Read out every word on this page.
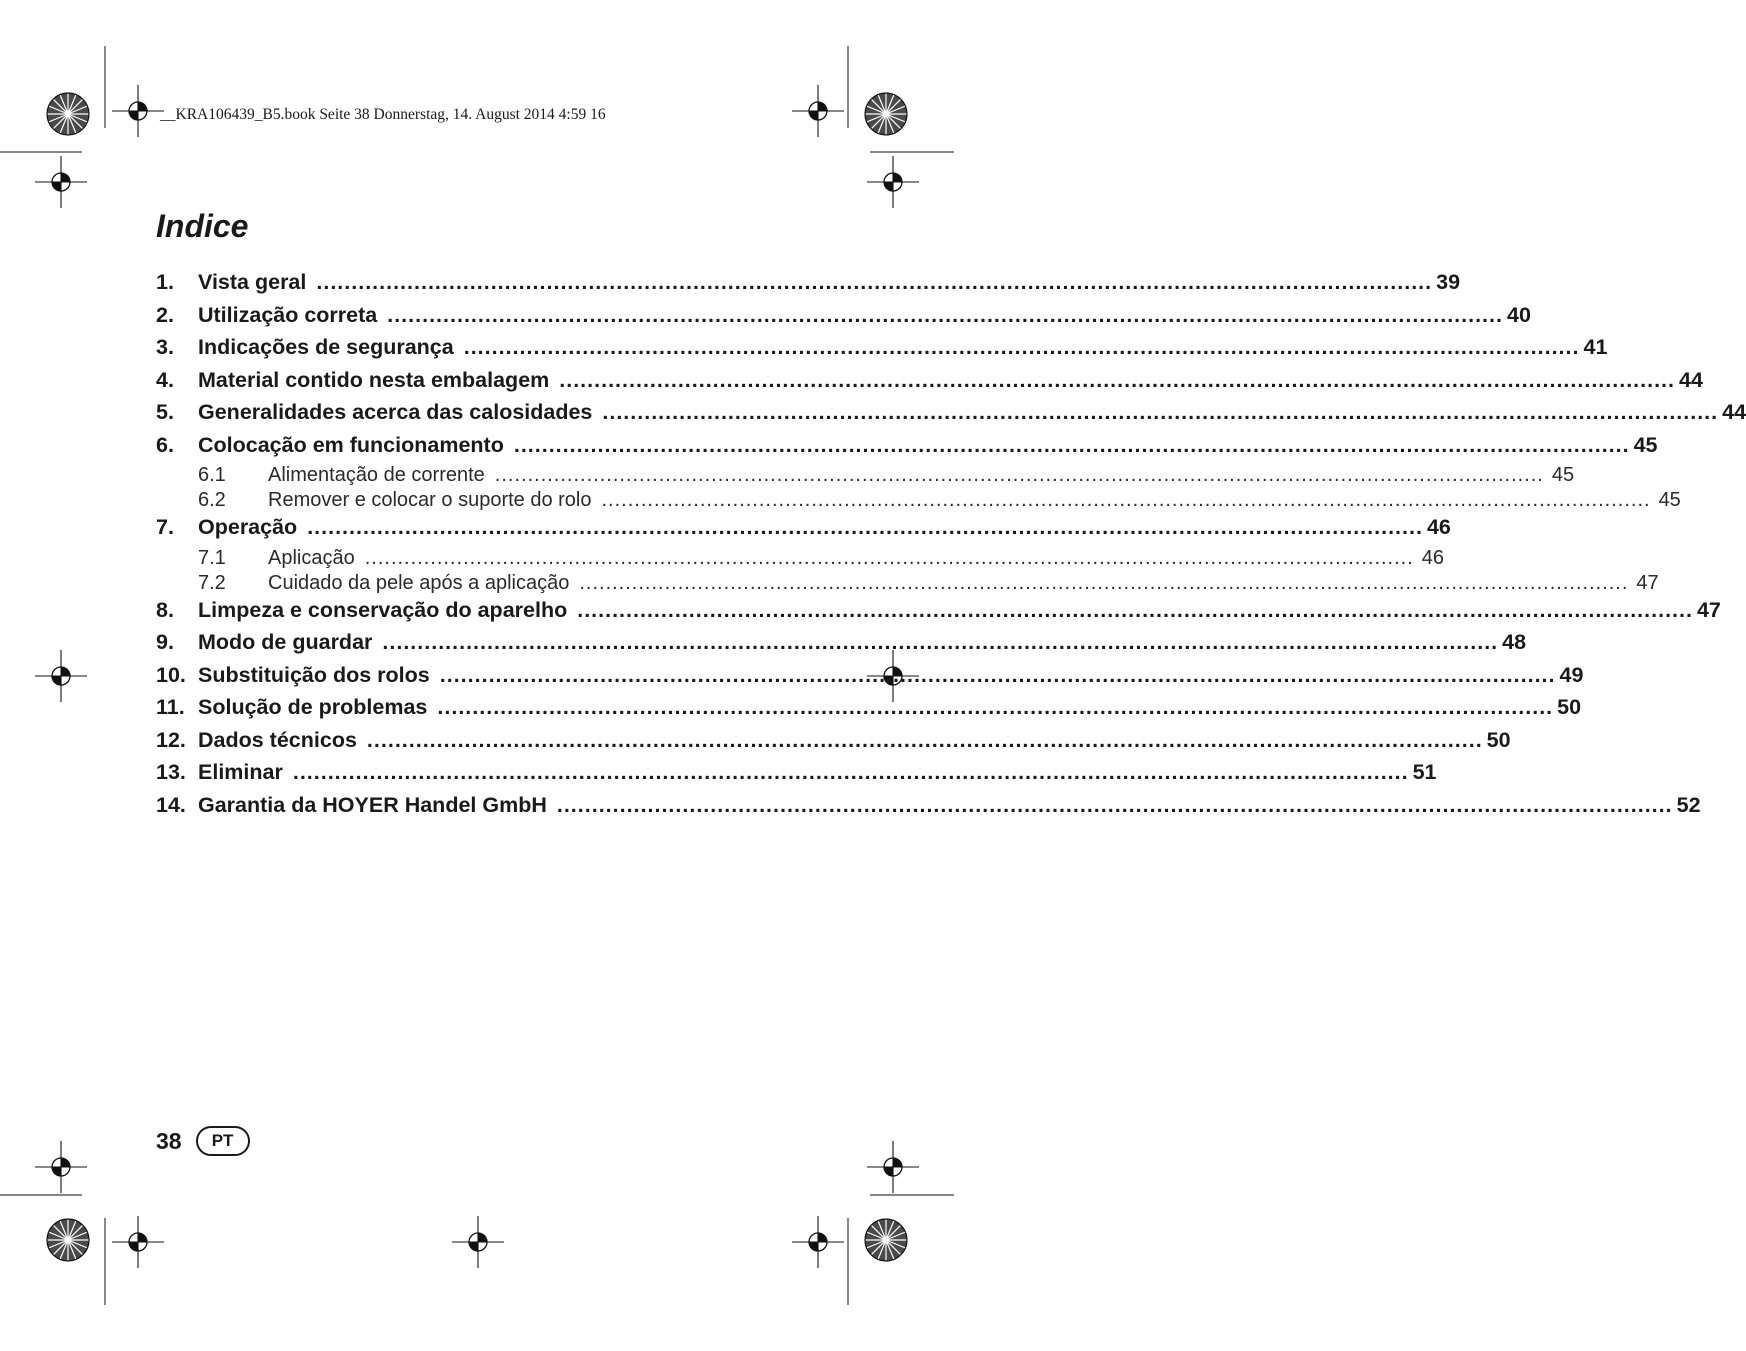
__KRA106439_B5.book Seite 38 Donnerstag, 14. August 2014 4:59 16
Indice
1.	Vista geral ................................................................................................................................................................ 39
2.	Utilização correta ................................................................................................................................................................ 40
3.	Indicações de segurança ................................................................................................................................................................ 41
4.	Material contido nesta embalagem ................................................................................................................................................................ 44
5.	Generalidades acerca das calosidades ................................................................................................................................................................ 44
6.	Colocação em funcionamento ................................................................................................................................................................ 45
6.1	Alimentação de corrente ................................................................................................................................................................ 45
6.2	Remover e colocar o suporte do rolo ................................................................................................................................................................ 45
7.	Operação ................................................................................................................................................................ 46
7.1	Aplicação ................................................................................................................................................................ 46
7.2	Cuidado da pele após a aplicação ................................................................................................................................................................ 47
8.	Limpeza e conservação do aparelho ................................................................................................................................................................ 47
9.	Modo de guardar ................................................................................................................................................................ 48
10. Substituição dos rolos ................................................................................................................................................................ 49
11. Solução de problemas ................................................................................................................................................................ 50
12. Dados técnicos ................................................................................................................................................................ 50
13. Eliminar ................................................................................................................................................................ 51
14. Garantia da HOYER Handel GmbH ................................................................................................................................................................ 52
38	PT
